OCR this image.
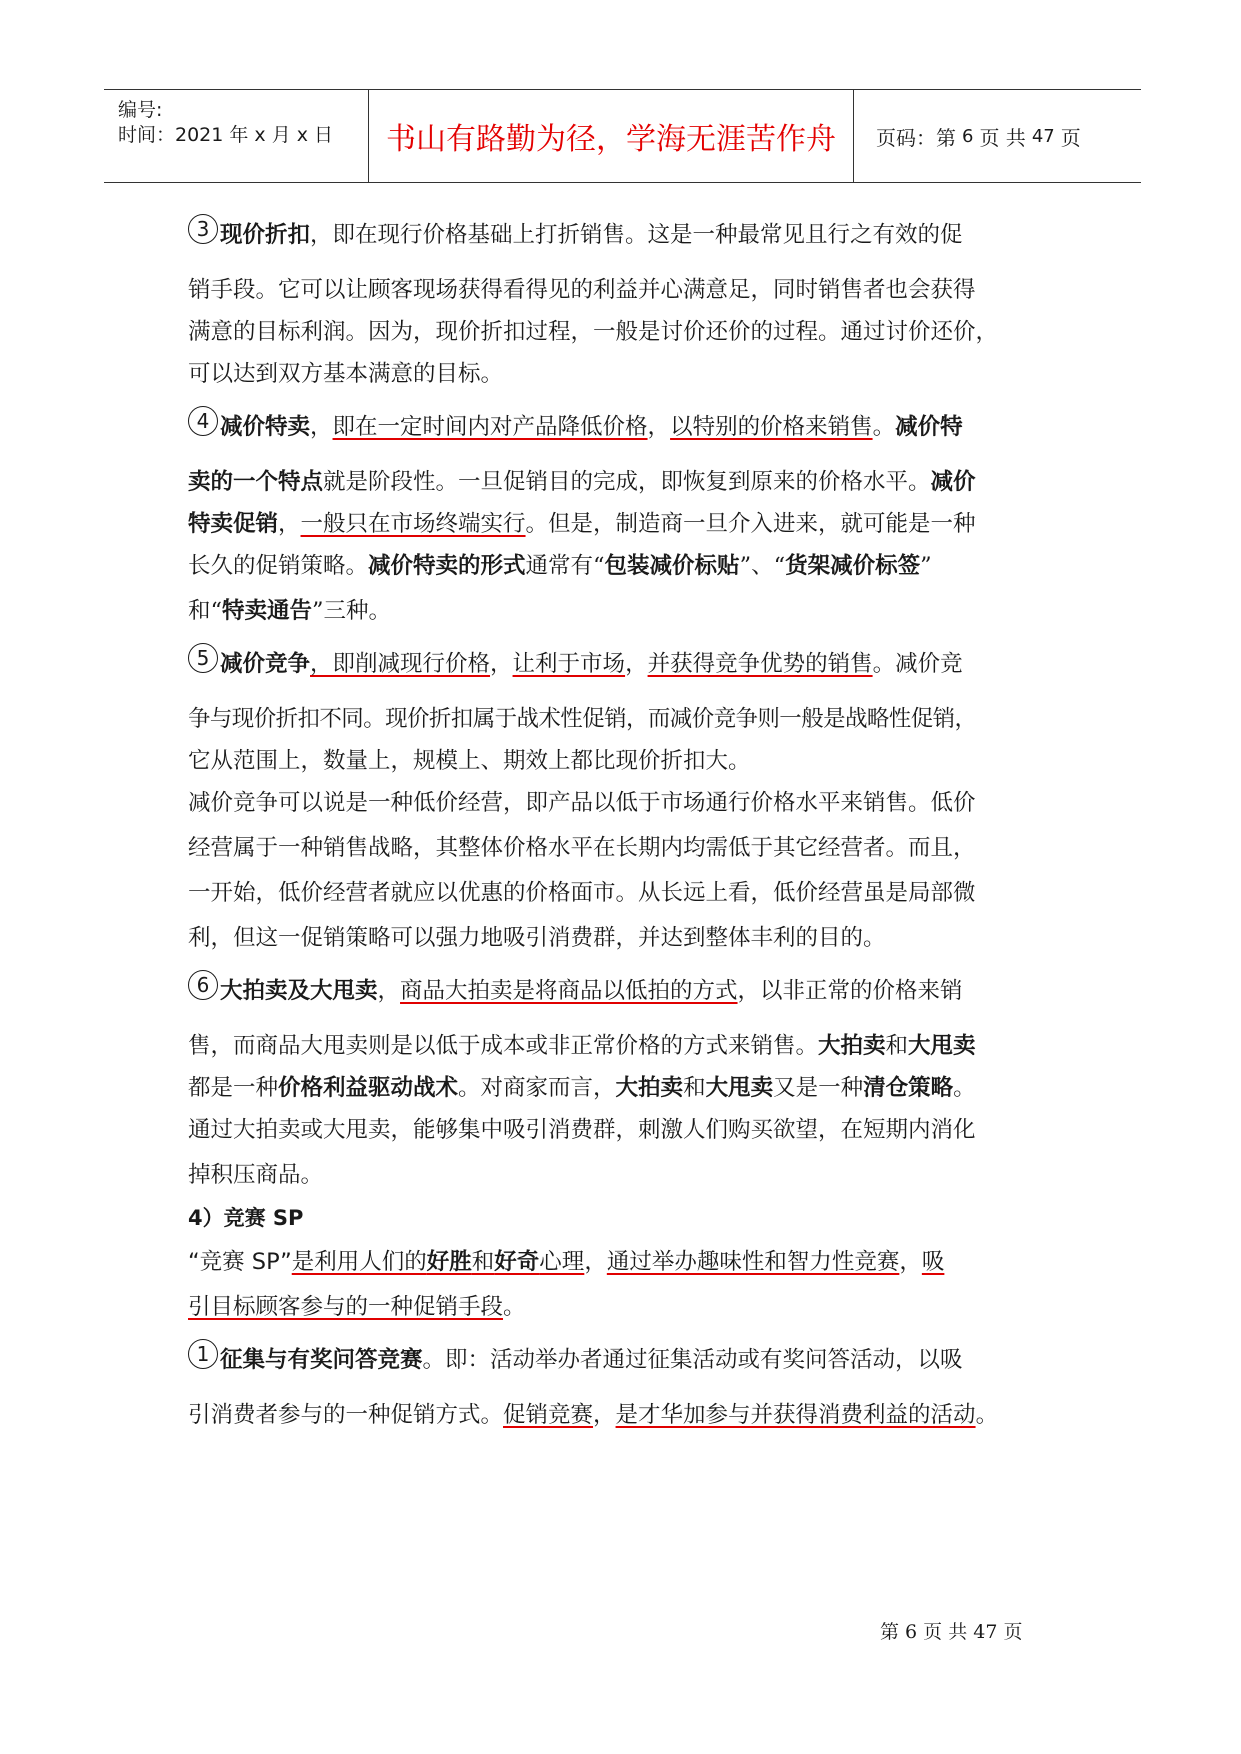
编号:
时间：2021 年 x 月 x 日	书山有路勤为径，学海无涯苦作舟	页码：第 6 页 共 47 页
3 现价折扣，即在现行价格基础上打折销售。这是一种最常见且行之有效的促
销手段。它可以让顾客现场获得看得见的利益并心满意足，同时销售者也会获得
满意的目标利润。因为，现价折扣过程，一般是讨价还价的过程。通过讨价还价，
可以达到双方基本满意的目标。
4 减价特卖，即在一定时间内对产品降低价格，以特别的价格来销售。减价特
卖的一个特点就是阶段性。一旦促销目的完成，即恢复到原来的价格水平。减价
特卖促销，一般只在市场终端实行。但是，制造商一旦介入进来，就可能是一种
长久的促销策略。减价特卖的形式通常有“包装减价标贴”、“货架减价标签”
和“特卖通告”三种。
5 减价竞争，即削减现行价格，让利于市场，并获得竞争优势的销售。减价竞
争与现价折扣不同。现价折扣属于战术性促销，而减价竞争则一般是战略性促销，
它从范围上，数量上，规模上、期效上都比现价折扣大。
减价竞争可以说是一种低价经营，即产品以低于市场通行价格水平来销售。低价
经营属于一种销售战略，其整体价格水平在长期内均需低于其它经营者。而且，
一开始，低价经营者就应以优惠的价格面市。从长远上看，低价经营虽是局部微
利，但这一促销策略可以强力地吸引消费群，并达到整体丰利的目的。
6 大拍卖及大甩卖，商品大拍卖是将商品以低拍的方式，以非正常的价格来销
售，而商品大甩卖则是以低于成本或非正常价格的方式来销售。大拍卖和大甩卖
都是一种价格利益驱动战术。对商家而言，大拍卖和大甩卖又是一种清仓策略。
通过大拍卖或大甩卖，能够集中吸引消费群，刺激人们购买欲望，在短期内消化
掉积压商品。
4）竞赛 SP
“竞赛 SP”是利用人们的好胜和好奇心理，通过举办趣味性和智力性竞赛，吸
引目标顾客参与的一种促销手段。
1 征集与有奖问答竞赛。即：活动举办者通过征集活动或有奖问答活动，以吸
引消费者参与的一种促销方式。促销竞赛，是才华加参与并获得消费利益的活动。
第 6 页 共 47 页
